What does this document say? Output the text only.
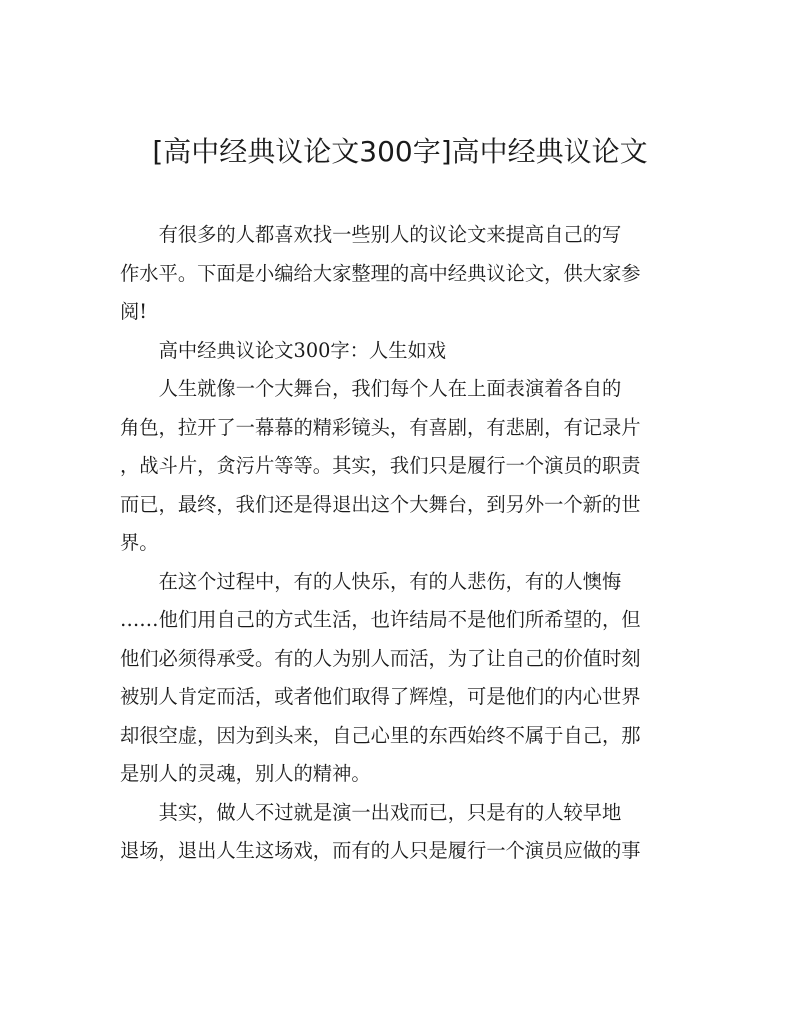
[高中经典议论文300字]高中经典议论文

有很多的人都喜欢找一些别人的议论文来提高自己的写
作水平。下面是小编给大家整理的高中经典议论文，供大家参
阅!

高中经典议论文300字：人生如戏

人生就像一个大舞台，我们每个人在上面表演着各自的
角色，拉开了一幕幕的精彩镜头，有喜剧，有悲剧，有记录片
，战斗片，贪污片等等。其实，我们只是履行一个演员的职责
而已，最终，我们还是得退出这个大舞台，到另外一个新的世
界。

在这个过程中，有的人快乐，有的人悲伤，有的人懊悔
……他们用自己的方式生活，也许结局不是他们所希望的，但
他们必须得承受。有的人为别人而活，为了让自己的价值时刻
被别人肯定而活，或者他们取得了辉煌，可是他们的内心世界
却很空虚，因为到头来，自己心里的东西始终不属于自己，那
是别人的灵魂，别人的精神。

其实，做人不过就是演一出戏而已，只是有的人较早地
退场，退出人生这场戏，而有的人只是履行一个演员应做的事
